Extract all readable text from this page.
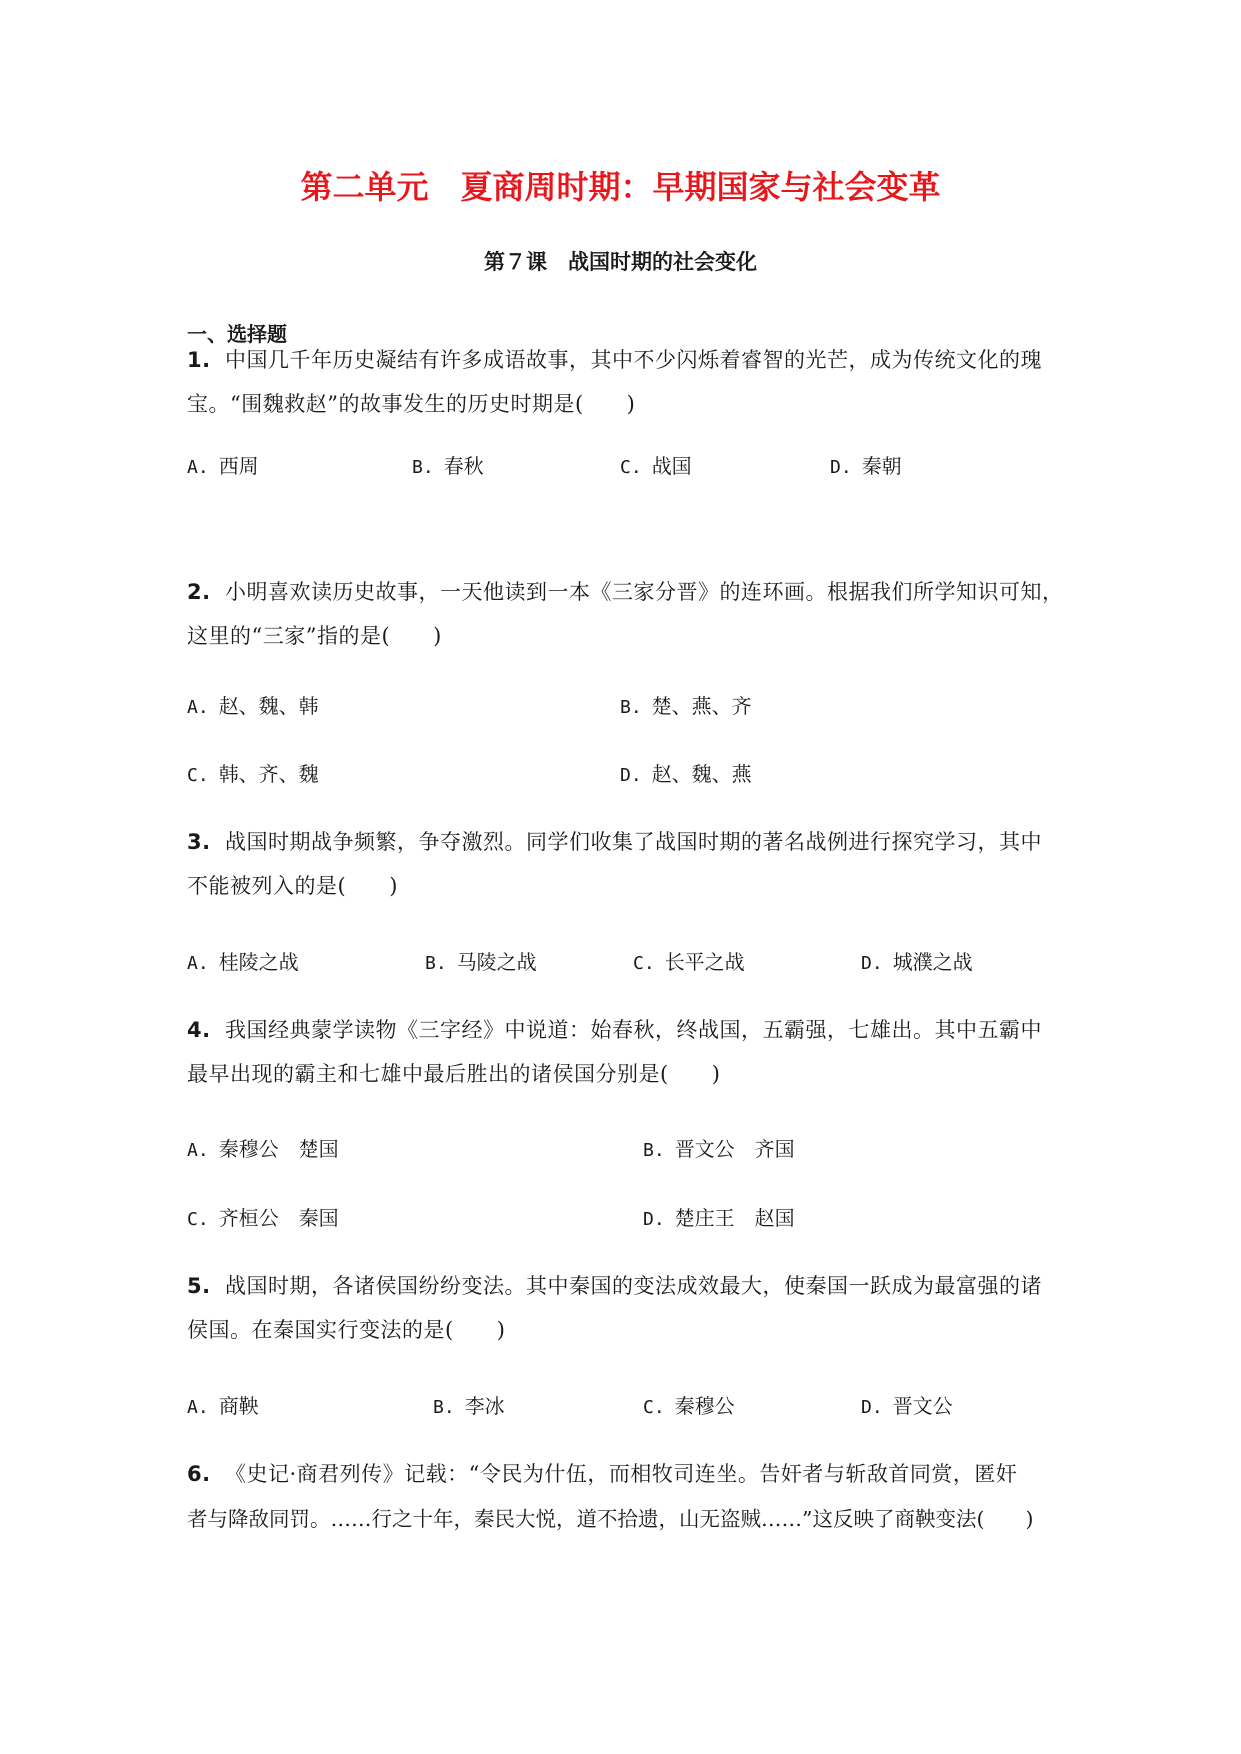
第二单元　夏商周时期：早期国家与社会变革
第７课　战国时期的社会变化
一、选择题
1. 中国几千年历史凝结有许多成语故事，其中不少闪烁着睿智的光芒，成为传统文化的瑰
宝。“围魏救赵”的故事发生的历史时期是(　　)
A. 西周	B. 春秋	C. 战国	D. 秦朝
2. 小明喜欢读历史故事，一天他读到一本《三家分晋》的连环画。根据我们所学知识可知，
这里的“三家”指的是(　　)
A. 赵、魏、韩	B. 楚、燕、齐
C. 韩、齐、魏	D. 赵、魏、燕
3. 战国时期战争频繁，争夺激烈。同学们收集了战国时期的著名战例进行探究学习，其中
不能被列入的是(　　)
A. 桂陵之战	B. 马陵之战	C. 长平之战	D. 城濮之战
4. 我国经典蒙学读物《三字经》中说道：始春秋，终战国，五霸强，七雄出。其中五霸中
最早出现的霸主和七雄中最后胜出的诸侯国分别是(　　)
A. 秦穆公　楚国	B. 晋文公　齐国
C. 齐桓公　秦国	D. 楚庄王　赵国
5. 战国时期，各诸侯国纷纷变法。其中秦国的变法成效最大，使秦国一跃成为最富强的诸
侯国。在秦国实行变法的是(　　)
A. 商鞅	B. 李冰	C. 秦穆公	D. 晋文公
6. 《史记·商君列传》记载：“令民为什伍，而相牧司连坐。告奸者与斩敌首同赏，匿奸
者与降敌同罚。……行之十年，秦民大悦，道不拾遗，山无盗贼……”这反映了商鞅变法(　　)
